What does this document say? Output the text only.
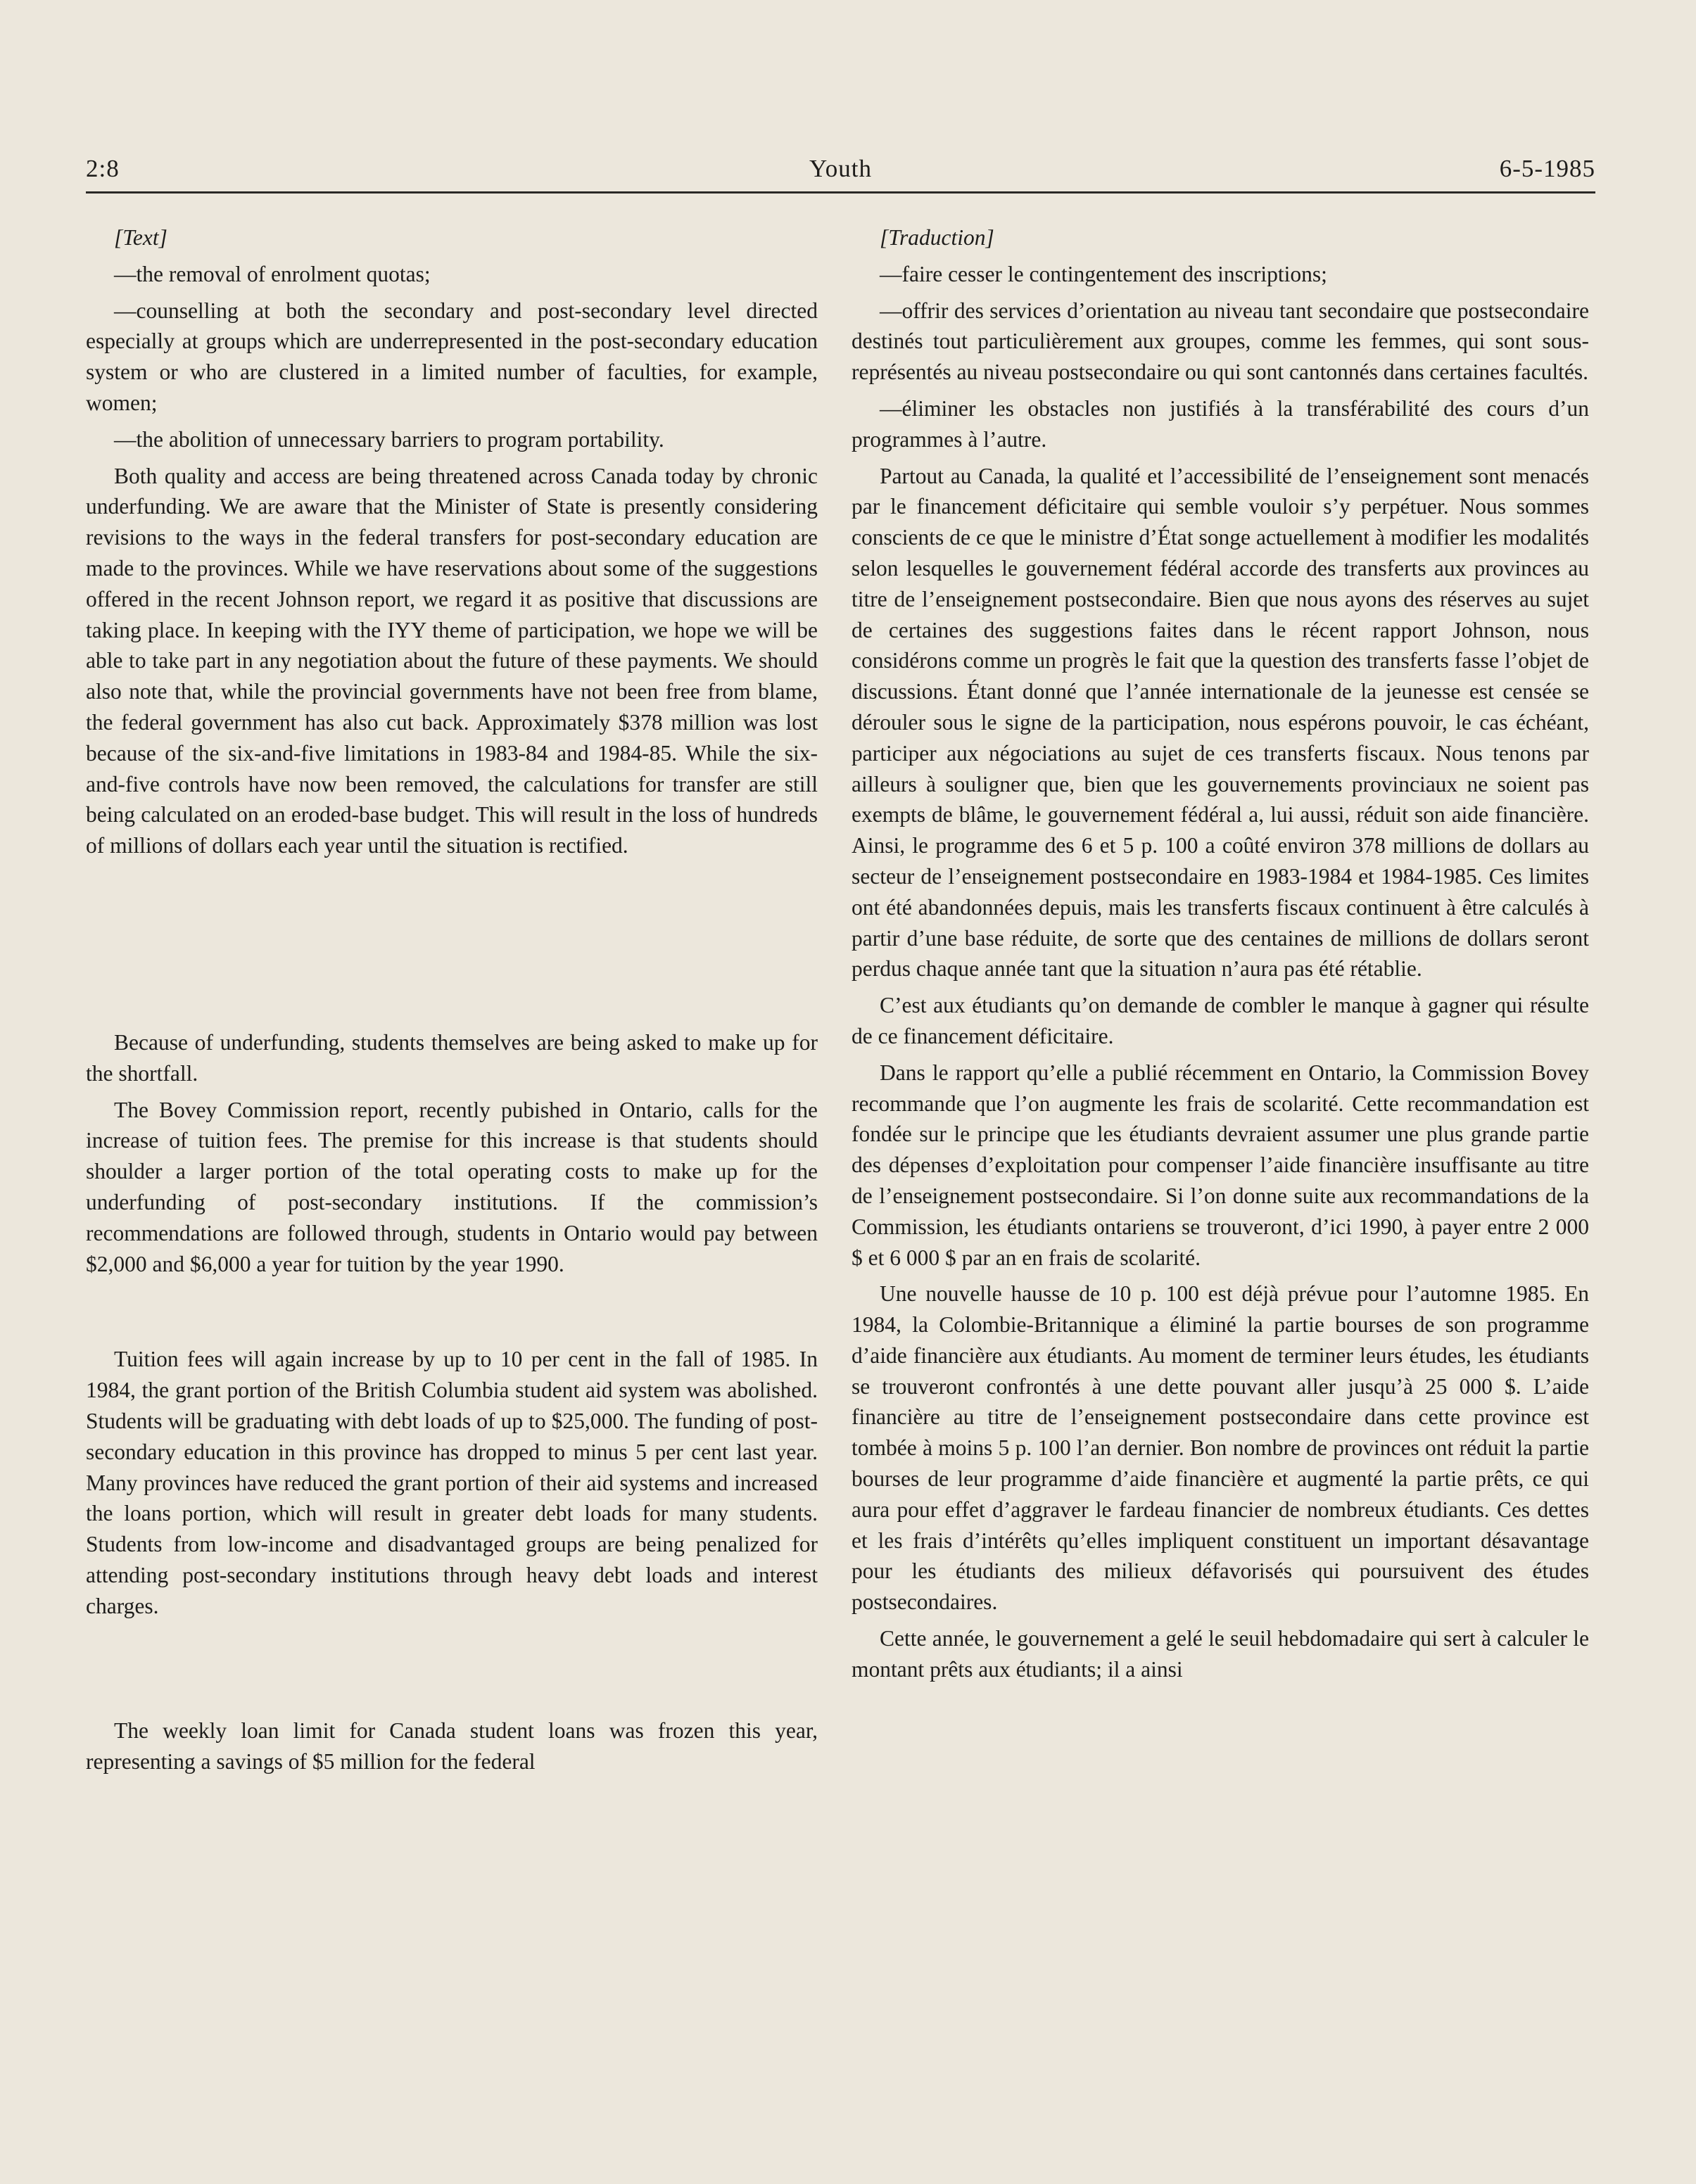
2:8	Youth	6-5-1985

[Text]

—the removal of enrolment quotas;

—counselling at both the secondary and post-secondary level directed especially at groups which are underrepresented in the post-secondary education system or who are clustered in a limited number of faculties, for example, women;

—the abolition of unnecessary barriers to program portability.

Both quality and access are being threatened across Canada today by chronic underfunding. We are aware that the Minister of State is presently considering revisions to the ways in the federal transfers for post-secondary education are made to the provinces. While we have reservations about some of the suggestions offered in the recent Johnson report, we regard it as positive that discussions are taking place. In keeping with the IYY theme of participation, we hope we will be able to take part in any negotiation about the future of these payments. We should also note that, while the provincial governments have not been free from blame, the federal government has also cut back. Approximately $378 million was lost because of the six-and-five limitations in 1983-84 and 1984-85. While the six-and-five controls have now been removed, the calculations for transfer are still being calculated on an eroded-base budget. This will result in the loss of hundreds of millions of dollars each year until the situation is rectified.

Because of underfunding, students themselves are being asked to make up for the shortfall.

The Bovey Commission report, recently pubished in Ontario, calls for the increase of tuition fees. The premise for this increase is that students should shoulder a larger portion of the total operating costs to make up for the underfunding of post-secondary institutions. If the commission’s recommendations are followed through, students in Ontario would pay between $2,000 and $6,000 a year for tuition by the year 1990.

Tuition fees will again increase by up to 10 per cent in the fall of 1985. In 1984, the grant portion of the British Columbia student aid system was abolished. Students will be graduating with debt loads of up to $25,000. The funding of post-secondary education in this province has dropped to minus 5 per cent last year. Many provinces have reduced the grant portion of their aid systems and increased the loans portion, which will result in greater debt loads for many students. Students from low-income and disadvantaged groups are being penalized for attending post-secondary institutions through heavy debt loads and interest charges.

The weekly loan limit for Canada student loans was frozen this year, representing a savings of $5 million for the federal

[Traduction]

—faire cesser le contingentement des inscriptions;

—offrir des services d’orientation au niveau tant secondaire que postsecondaire destinés tout particulièrement aux groupes, comme les femmes, qui sont sous-représentés au niveau postsecondaire ou qui sont cantonnés dans certaines facultés.

—éliminer les obstacles non justifiés à la transférabilité des cours d’un programmes à l’autre.

Partout au Canada, la qualité et l’accessibilité de l’enseignement sont menacés par le financement déficitaire qui semble vouloir s’y perpétuer. Nous sommes conscients de ce que le ministre d’État songe actuellement à modifier les modalités selon lesquelles le gouvernement fédéral accorde des transferts aux provinces au titre de l’enseignement postsecondaire. Bien que nous ayons des réserves au sujet de certaines des suggestions faites dans le récent rapport Johnson, nous considérons comme un progrès le fait que la question des transferts fasse l’objet de discussions. Étant donné que l’année internationale de la jeunesse est censée se dérouler sous le signe de la participation, nous espérons pouvoir, le cas échéant, participer aux négociations au sujet de ces transferts fiscaux. Nous tenons par ailleurs à souligner que, bien que les gouvernements provinciaux ne soient pas exempts de blâme, le gouvernement fédéral a, lui aussi, réduit son aide financière. Ainsi, le programme des 6 et 5 p. 100 a coûté environ 378 millions de dollars au secteur de l’enseignement postsecondaire en 1983-1984 et 1984-1985. Ces limites ont été abandonnées depuis, mais les transferts fiscaux continuent à être calculés à partir d’une base réduite, de sorte que des centaines de millions de dollars seront perdus chaque année tant que la situation n’aura pas été rétablie.

C’est aux étudiants qu’on demande de combler le manque à gagner qui résulte de ce financement déficitaire.

Dans le rapport qu’elle a publié récemment en Ontario, la Commission Bovey recommande que l’on augmente les frais de scolarité. Cette recommandation est fondée sur le principe que les étudiants devraient assumer une plus grande partie des dépenses d’exploitation pour compenser l’aide financière insuffisante au titre de l’enseignement postsecondaire. Si l’on donne suite aux recommandations de la Commission, les étudiants ontariens se trouveront, d’ici 1990, à payer entre 2 000 $ et 6 000 $ par an en frais de scolarité.

Une nouvelle hausse de 10 p. 100 est déjà prévue pour l’automne 1985. En 1984, la Colombie-Britannique a éliminé la partie bourses de son programme d’aide financière aux étudiants. Au moment de terminer leurs études, les étudiants se trouveront confrontés à une dette pouvant aller jusqu’à 25 000 $. L’aide financière au titre de l’enseignement postsecondaire dans cette province est tombée à moins 5 p. 100 l’an dernier. Bon nombre de provinces ont réduit la partie bourses de leur programme d’aide financière et augmenté la partie prêts, ce qui aura pour effet d’aggraver le fardeau financier de nombreux étudiants. Ces dettes et les frais d’intérêts qu’elles impliquent constituent un important désavantage pour les étudiants des milieux défavorisés qui poursuivent des études postsecondaires.

Cette année, le gouvernement a gelé le seuil hebdomadaire qui sert à calculer le montant prêts aux étudiants; il a ainsi
